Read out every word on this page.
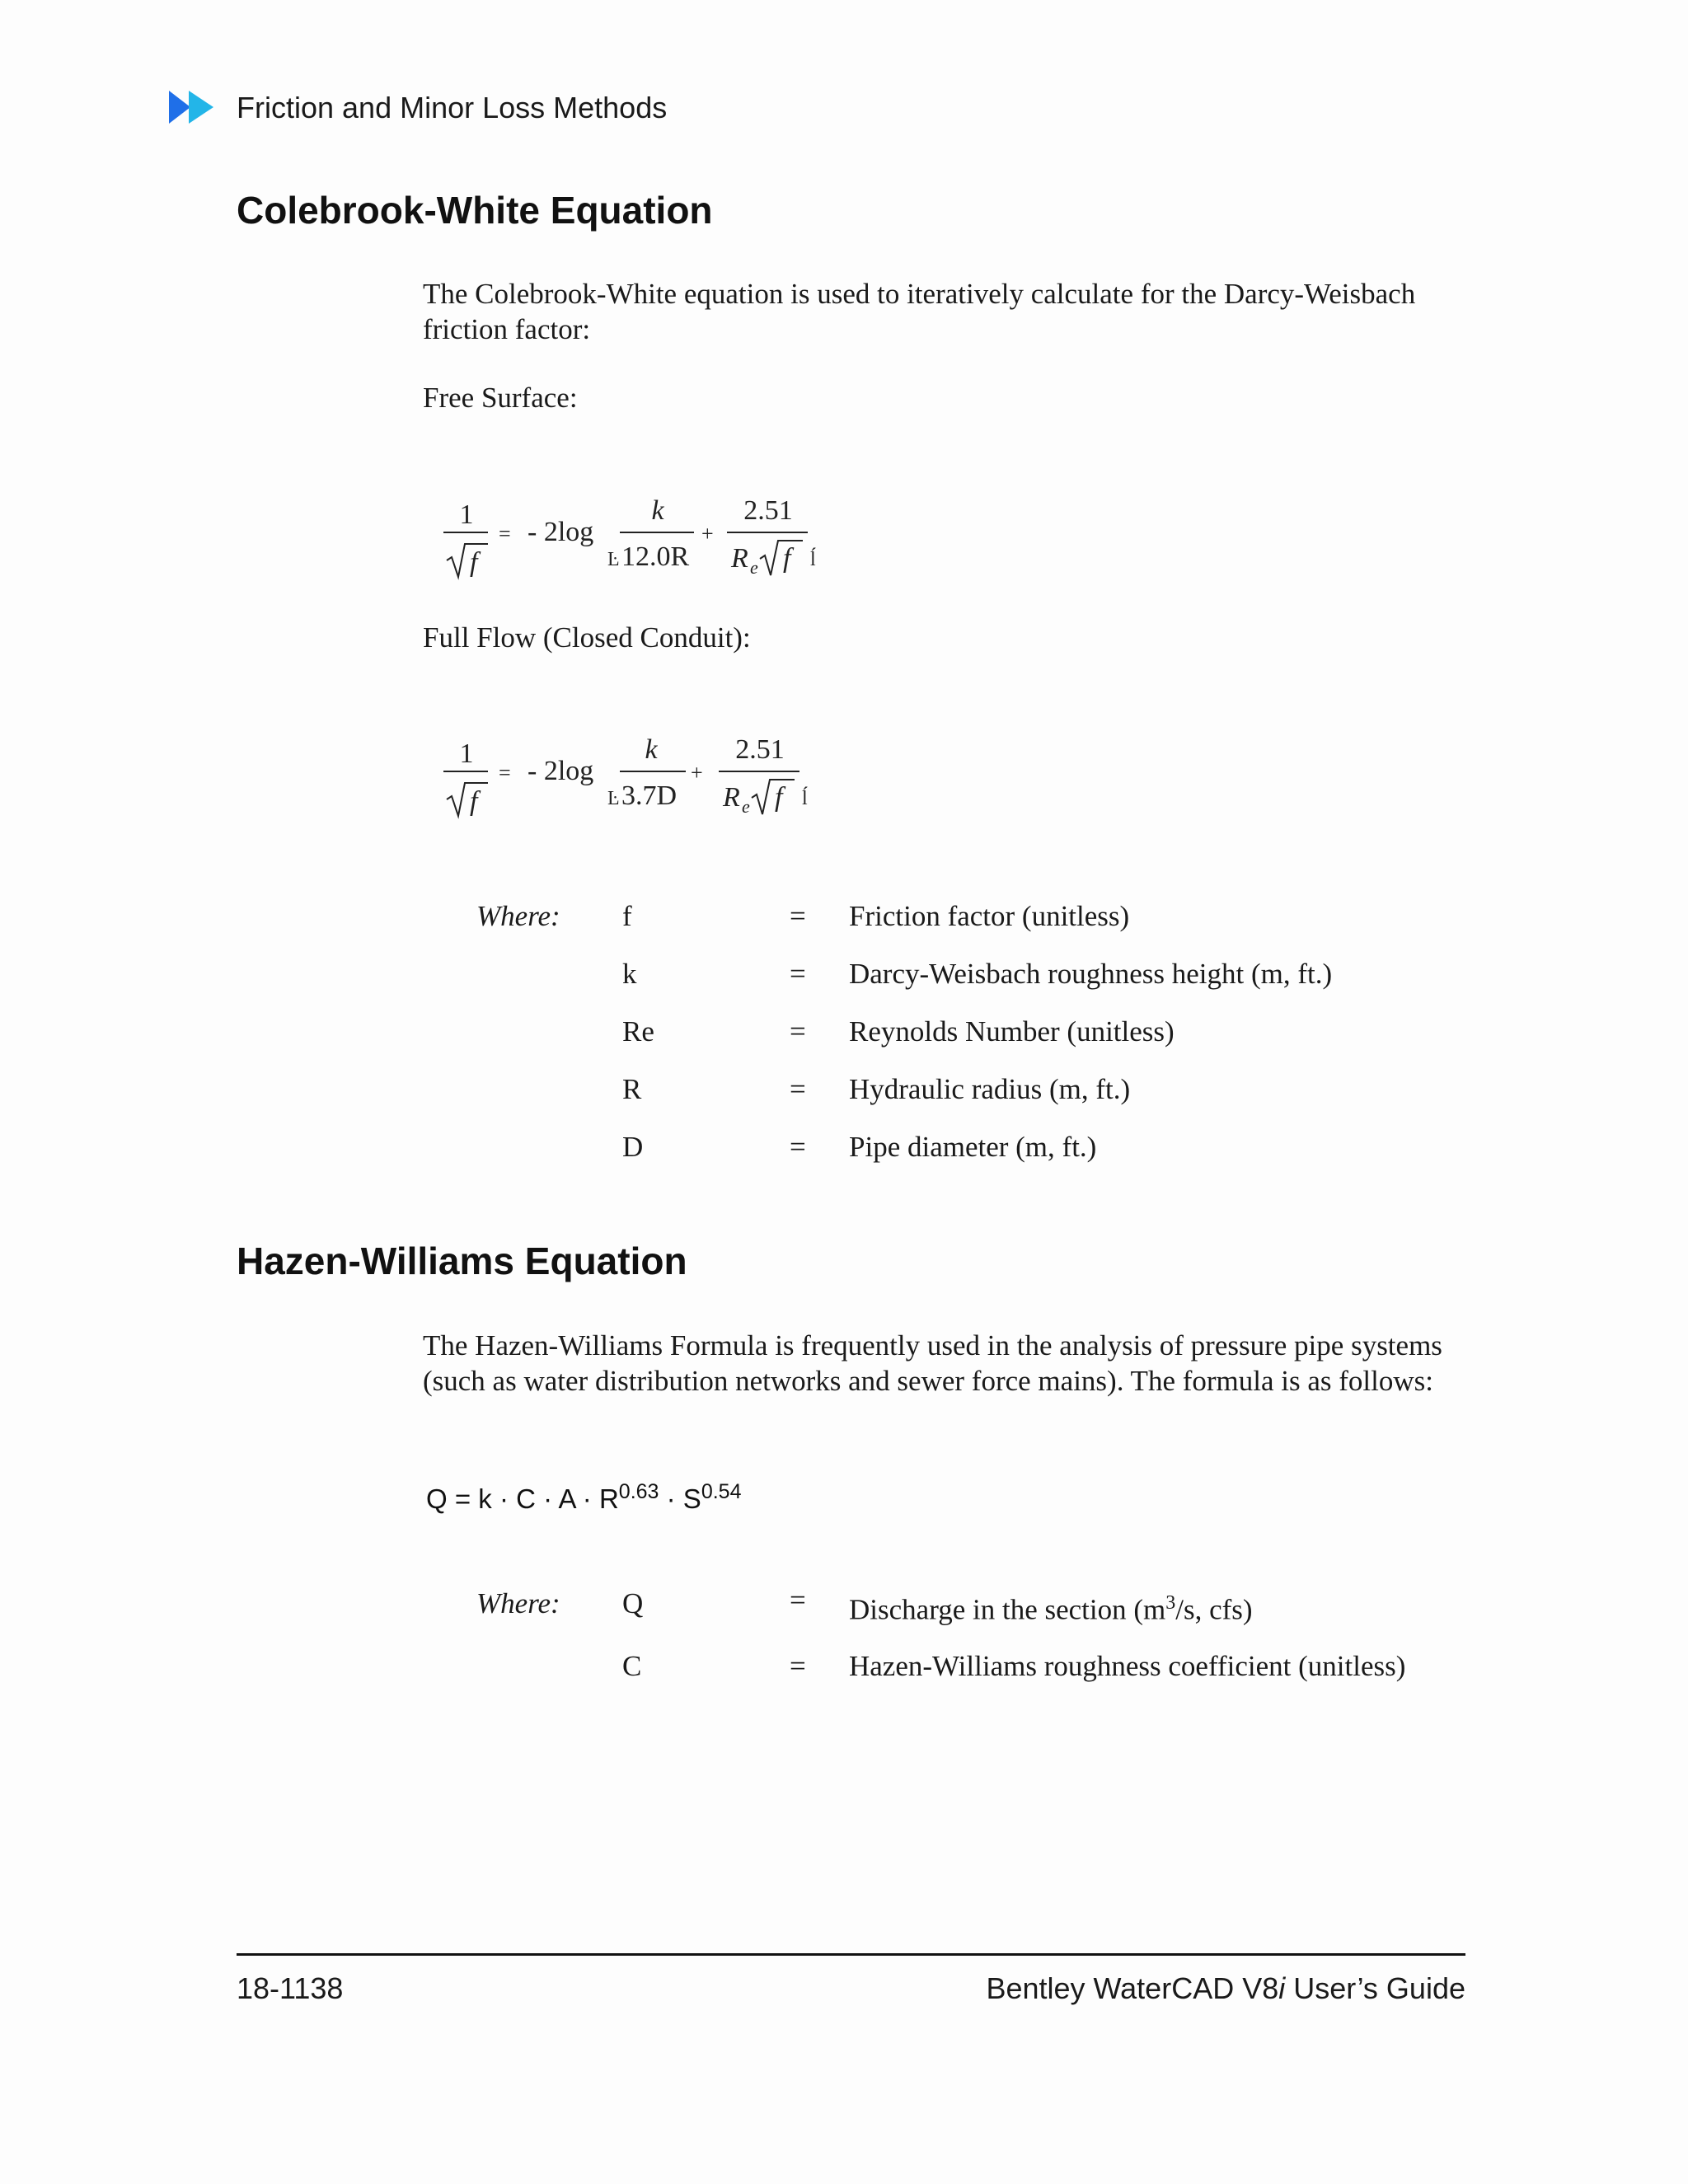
Friction and Minor Loss Methods
Colebrook-White Equation
The Colebrook-White equation is used to iteratively calculate for the Darcy-Weisbach friction factor:
Free Surface:
1
f
= - 2log
k
Ŀ 12.0R
+
2.51
R e f ĺ
Full Flow (Closed Conduit):
1
f
= - 2log
k
Ŀ 3.7D
+
2.51
R e f ĺ
Where: f	= Friction factor (unitless)
k	= Darcy-Weisbach roughness height (m, ft.)
Re	= Reynolds Number (unitless)
R	= Hydraulic radius (m, ft.)
D	= Pipe diameter (m, ft.)
Hazen-Williams Equation
The Hazen-Williams Formula is frequently used in the analysis of pressure pipe systems (such as water distribution networks and sewer force mains). The formula is as follows:
$Q = k \cdot C \cdot A \cdot R^{0.63} \cdot S^{0.54}$
Where: Q	= Discharge in the section ($m^3/s$, cfs)
C	= Hazen-Williams roughness coefficient (unitless)
18-1138	Bentley WaterCAD V8i User’s Guide
